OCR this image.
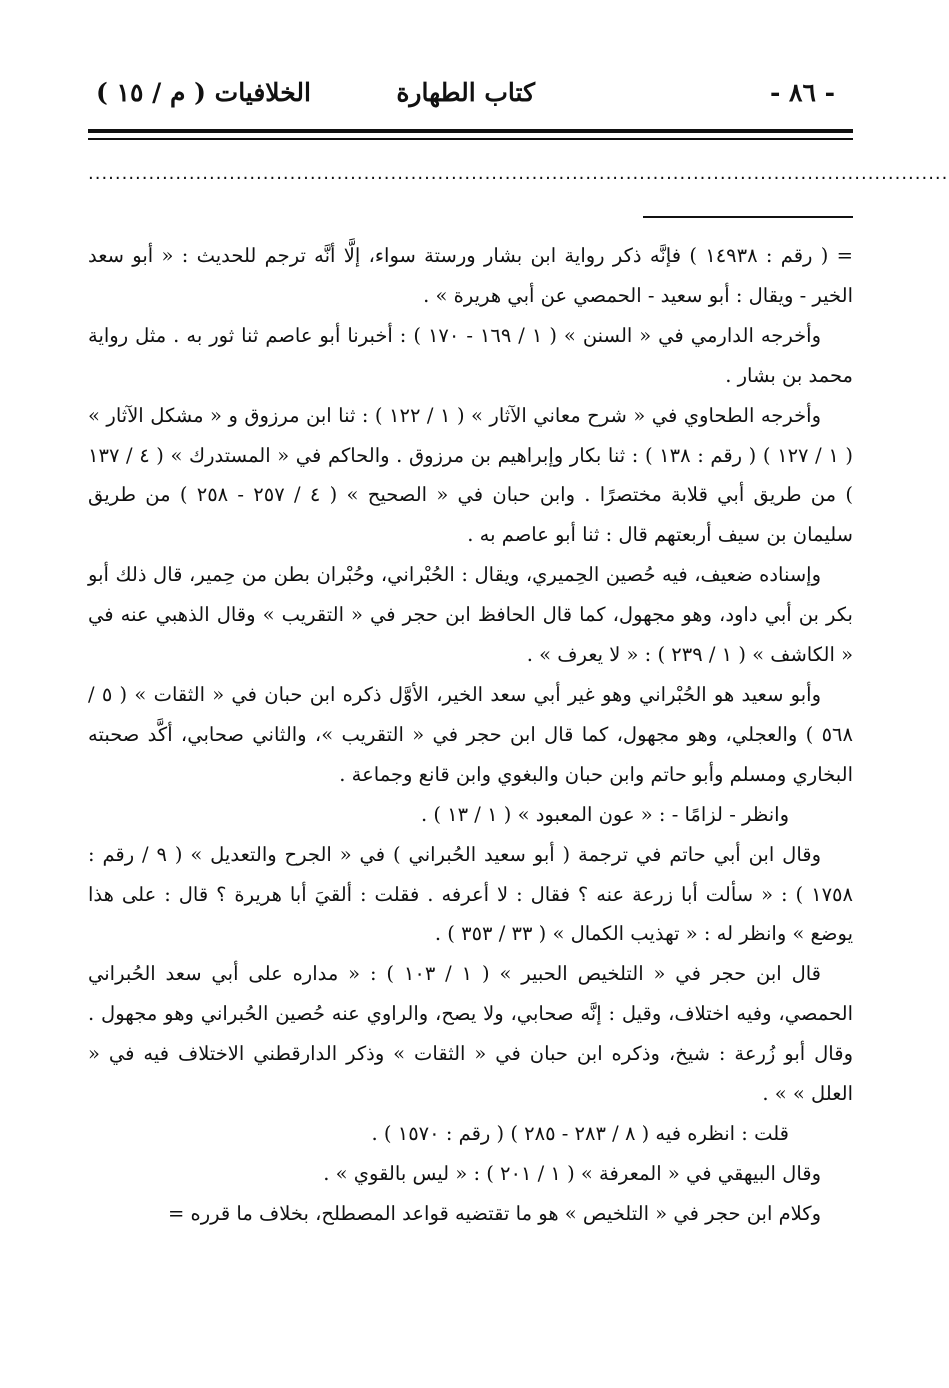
- ٨٦ -
كتاب الطهارة
الخلافيات ( م / ١٥ )
................................................................................................................................

= ( رقم : ١٤٩٣٨ ) فإنَّه ذكر رواية ابن بشار ورستة سواء، إلَّا أنَّه ترجم للحديث : « أبو سعد الخير - ويقال : أبو سعيد - الحمصي عن أبي هريرة » .

وأخرجه الدارمي في « السنن » ( ١ / ١٦٩ - ١٧٠ ) : أخبرنا أبو عاصم ثنا ثور به . مثل رواية محمد بن بشار .

وأخرجه الطحاوي في « شرح معاني الآثار » ( ١ / ١٢٢ ) : ثنا ابن مرزوق و « مشكل الآثار » ( ١ / ١٢٧ ) ( رقم : ١٣٨ ) : ثنا بكار وإبراهيم بن مرزوق . والحاكم في « المستدرك » ( ٤ / ١٣٧ ) من طريق أبي قلابة مختصرًا . وابن حبان في « الصحيح » ( ٤ / ٢٥٧ - ٢٥٨ ) من طريق سليمان بن سيف أربعتهم قال : ثنا أبو عاصم به .

وإسناده ضعيف، فيه حُصين الحِميري، ويقال : الحُبْراني، وحُبْران بطن من حِمير، قال ذلك أبو بكر بن أبي داود، وهو مجهول، كما قال الحافظ ابن حجر في « التقريب » وقال الذهبي عنه في « الكاشف » ( ١ / ٢٣٩ ) : « لا يعرف » .

وأبو سعيد هو الحُبْراني وهو غير أبي سعد الخير، الأوَّل ذكره ابن حبان في « الثقات » ( ٥ / ٥٦٨ ) والعجلي، وهو مجهول، كما قال ابن حجر في « التقريب »، والثاني صحابي، أكَّد صحبته البخاري ومسلم وأبو حاتم وابن حبان والبغوي وابن قانع وجماعة .

وانظر - لزامًا - : « عون المعبود » ( ١ / ١٣ ) .

وقال ابن أبي حاتم في ترجمة ( أبو سعيد الحُبراني ) في « الجرح والتعديل » ( ٩ / رقم : ١٧٥٨ ) : « سألت أبا زرعة عنه ؟ فقال : لا أعرفه . فقلت : ألقيَ أبا هريرة ؟ قال : على هذا يوضع » وانظر له : « تهذيب الكمال » ( ٣٣ / ٣٥٣ ) .

قال ابن حجر في « التلخيص الحبير » ( ١ / ١٠٣ ) : « مداره على أبي سعد الحُبراني الحمصي، وفيه اختلاف، وقيل : إنَّه صحابي، ولا يصح، والراوي عنه حُصين الحُبراني وهو مجهول . وقال أبو زُرعة : شيخ، وذكره ابن حبان في « الثقات » وذكر الدارقطني الاختلاف فيه في « العلل » » .

قلت : انظره فيه ( ٨ / ٢٨٣ - ٢٨٥ ) ( رقم : ١٥٧٠ ) .

وقال البيهقي في « المعرفة » ( ١ / ٢٠١ ) : « ليس بالقوي » .

وكلام ابن حجر في « التلخيص » هو ما تقتضيه قواعد المصطلح، بخلاف ما قرره =
